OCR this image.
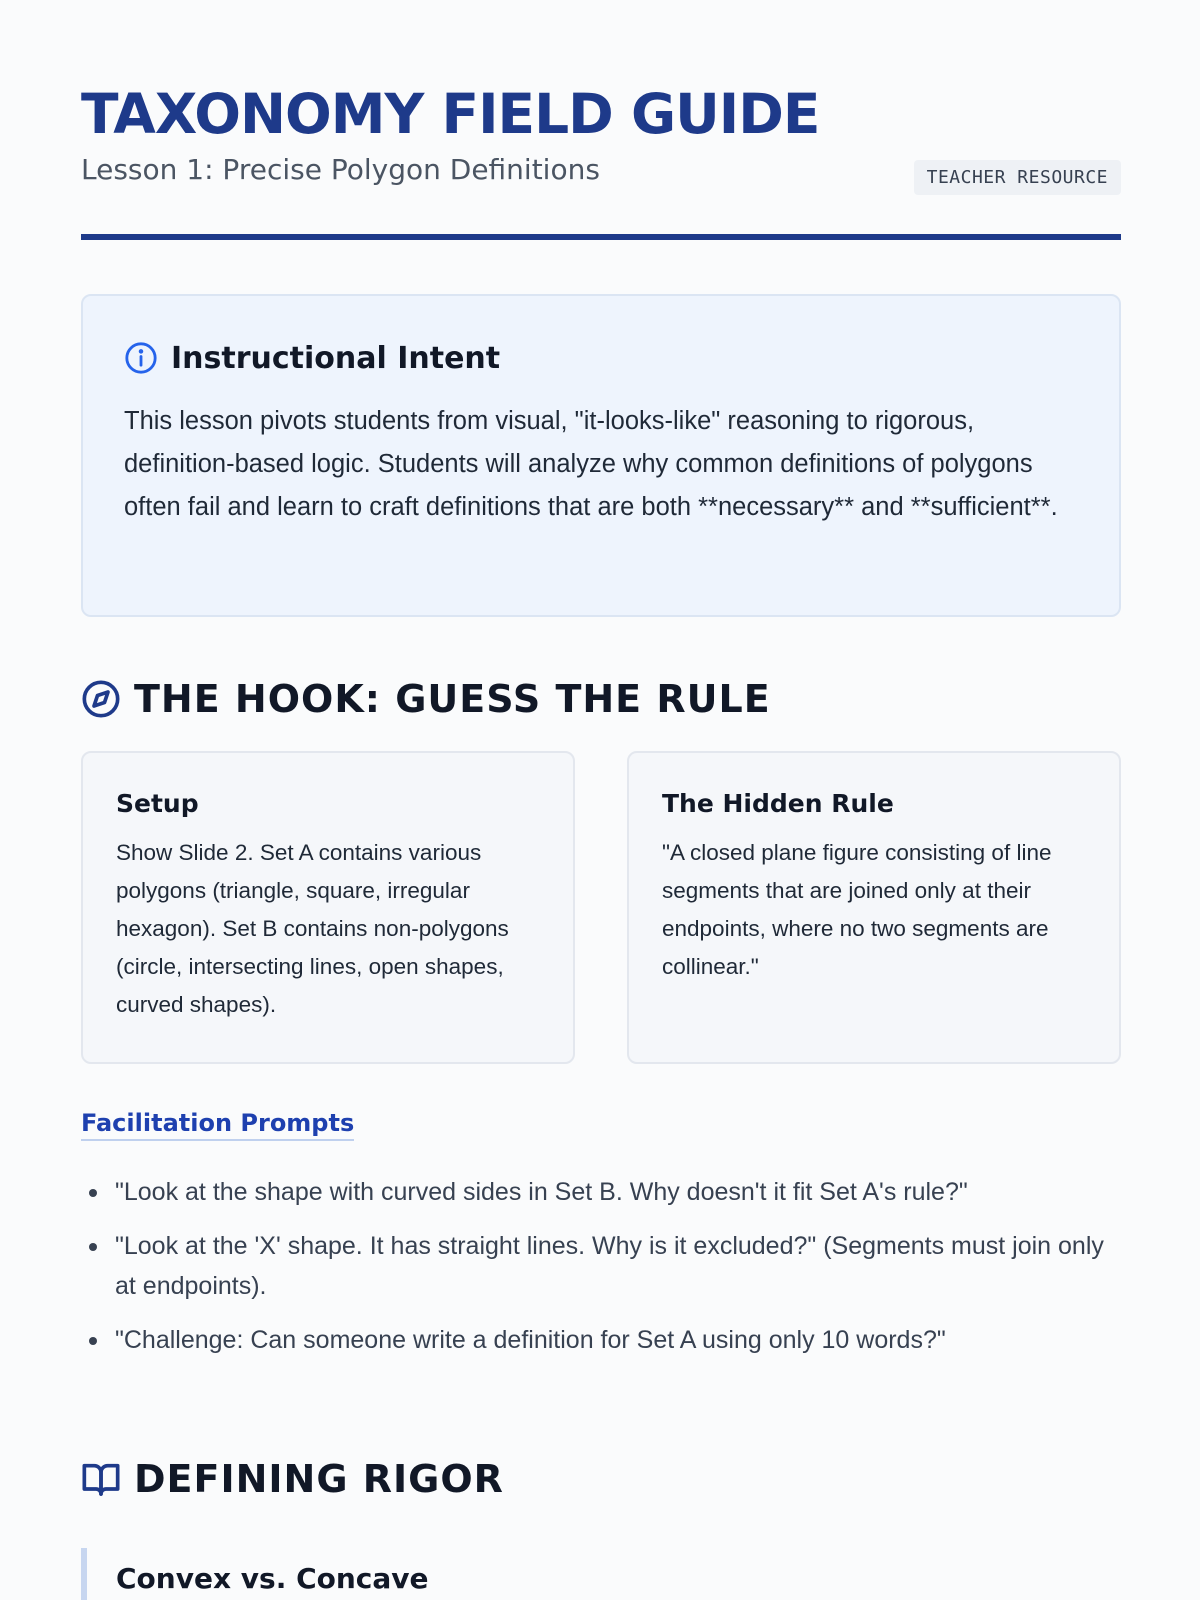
TAXONOMY FIELD GUIDE
Lesson 1: Precise Polygon Definitions	TEACHER RESOURCE
Instructional Intent

This lesson pivots students from visual, "it-looks-like" reasoning to rigorous, definition-based logic. Students will analyze why common definitions of polygons often fail and learn to craft definitions that are both **necessary** and **sufficient**.

THE HOOK: GUESS THE RULE
Setup

Show Slide 2. Set A contains various polygons (triangle, square, irregular hexagon). Set B contains non-polygons (circle, intersecting lines, open shapes, curved shapes).

The Hidden Rule

"A closed plane figure consisting of line segments that are joined only at their endpoints, where no two segments are collinear."

Facilitation Prompts
"Look at the shape with curved sides in Set B. Why doesn't it fit Set A's rule?"
"Look at the 'X' shape. It has straight lines. Why is it excluded?" (Segments must join only at endpoints).
"Challenge: Can someone write a definition for Set A using only 10 words?"
DEFINING RIGOR
Convex vs. Concave
